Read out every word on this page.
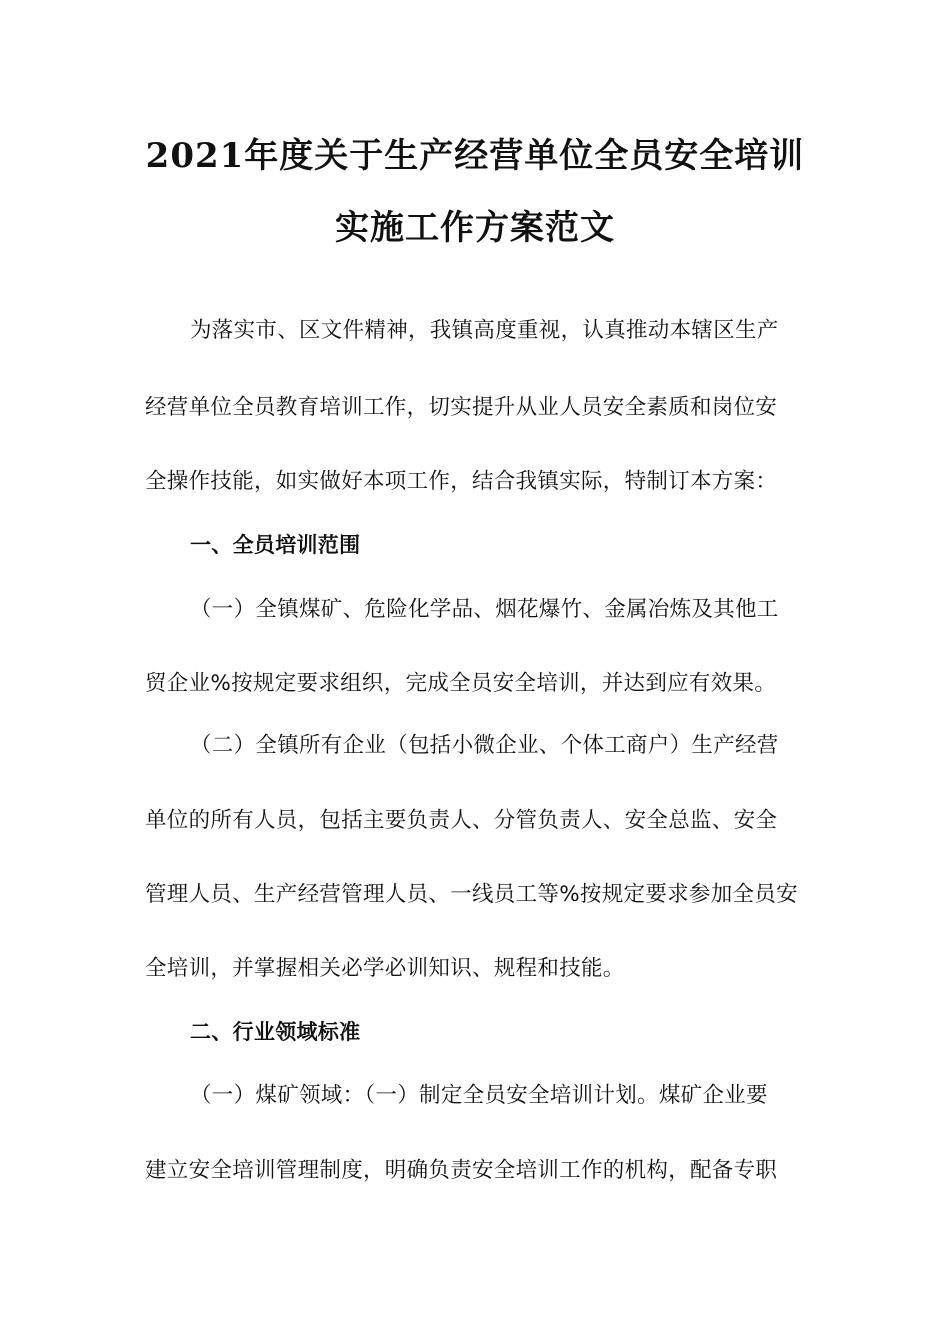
2021年度关于生产经营单位全员安全培训
实施工作方案范文
为落实市、区文件精神，我镇高度重视，认真推动本辖区生产
经营单位全员教育培训工作，切实提升从业人员安全素质和岗位安
全操作技能，如实做好本项工作，结合我镇实际，特制订本方案：
一、全员培训范围
（一）全镇煤矿、危险化学品、烟花爆竹、金属冶炼及其他工
贸企业%按规定要求组织，完成全员安全培训，并达到应有效果。
（二）全镇所有企业（包括小微企业、个体工商户）生产经营
单位的所有人员，包括主要负责人、分管负责人、安全总监、安全
管理人员、生产经营管理人员、一线员工等%按规定要求参加全员安
全培训，并掌握相关必学必训知识、规程和技能。
二、行业领域标准
（一）煤矿领域：（一）制定全员安全培训计划。煤矿企业要
建立安全培训管理制度，明确负责安全培训工作的机构，配备专职
